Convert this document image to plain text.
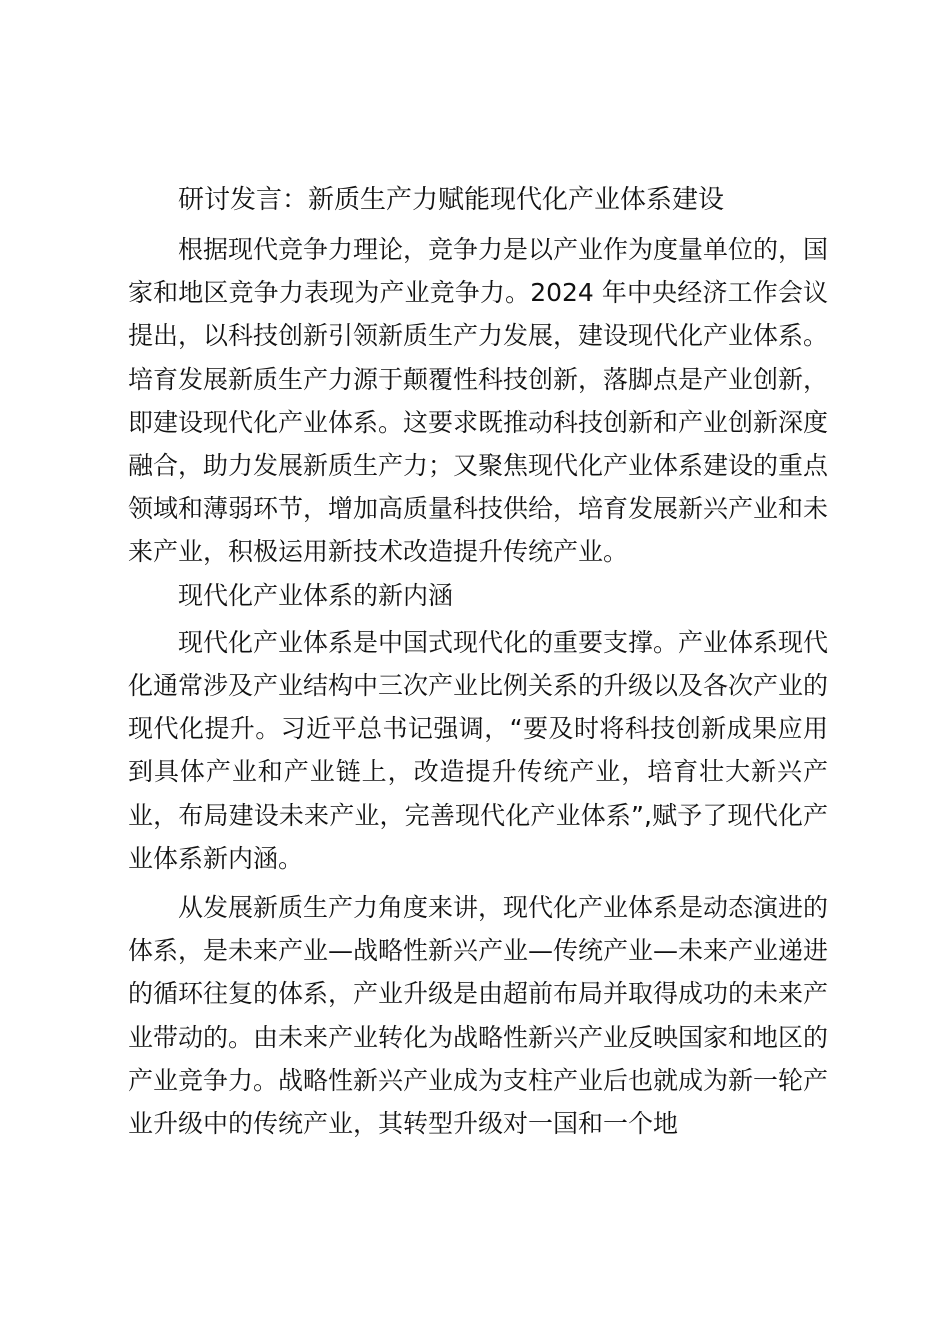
研讨发言：新质生产力赋能现代化产业体系建设

根据现代竞争力理论，竞争力是以产业作为度量单位的，国家和地区竞争力表现为产业竞争力。2024 年中央经济工作会议提出，以科技创新引领新质生产力发展，建设现代化产业体系。培育发展新质生产力源于颠覆性科技创新，落脚点是产业创新，即建设现代化产业体系。这要求既推动科技创新和产业创新深度融合，助力发展新质生产力；又聚焦现代化产业体系建设的重点领域和薄弱环节，增加高质量科技供给，培育发展新兴产业和未来产业，积极运用新技术改造提升传统产业。

现代化产业体系的新内涵

现代化产业体系是中国式现代化的重要支撑。产业体系现代化通常涉及产业结构中三次产业比例关系的升级以及各次产业的现代化提升。习近平总书记强调，“要及时将科技创新成果应用到具体产业和产业链上，改造提升传统产业，培育壮大新兴产业，布局建设未来产业，完善现代化产业体系”,赋予了现代化产业体系新内涵。

从发展新质生产力角度来讲，现代化产业体系是动态演进的体系，是未来产业—战略性新兴产业—传统产业—未来产业递进的循环往复的体系，产业升级是由超前布局并取得成功的未来产业带动的。由未来产业转化为战略性新兴产业反映国家和地区的产业竞争力。战略性新兴产业成为支柱产业后也就成为新一轮产业升级中的传统产业，其转型升级对一国和一个地
